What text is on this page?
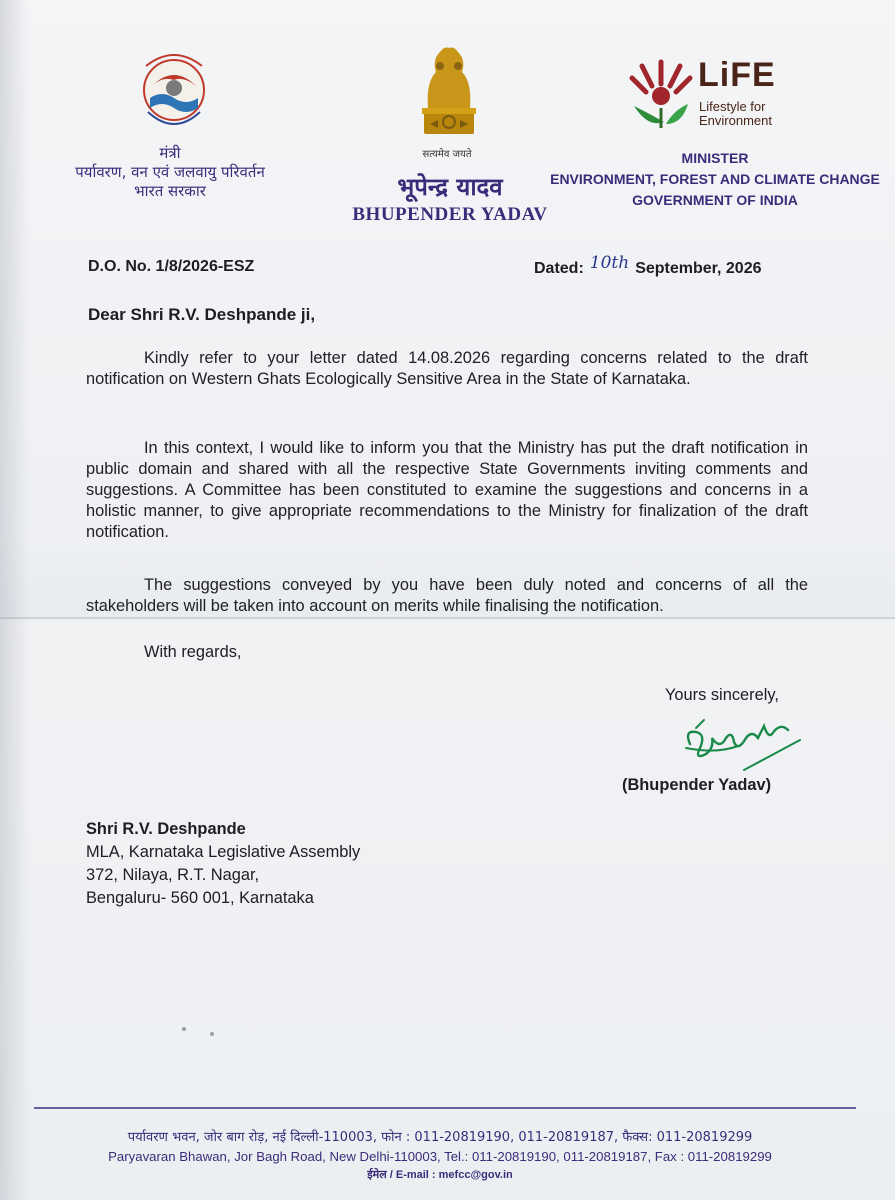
LiFE
Lifestyle for
Environment
मंत्री
पर्यावरण, वन एवं जलवायु परिवर्तन
भारत सरकार
सत्यमेव जयते
भूपेन्द्र यादव
BHUPENDER YADAV
MINISTER
ENVIRONMENT, FOREST AND CLIMATE CHANGE
GOVERNMENT OF INDIA
D.O. No. 1/8/2026-ESZ	Dated: 10th September, 2026
Dear Shri R.V. Deshpande ji,
Kindly refer to your letter dated 14.08.2026 regarding concerns related to the draft notification on Western Ghats Ecologically Sensitive Area in the State of Karnataka.
In this context, I would like to inform you that the Ministry has put the draft notification in public domain and shared with all the respective State Governments inviting comments and suggestions. A Committee has been constituted to examine the suggestions and concerns in a holistic manner, to give appropriate recommendations to the Ministry for finalization of the draft notification.
The suggestions conveyed by you have been duly noted and concerns of all the stakeholders will be taken into account on merits while finalising the notification.
With regards,
Yours sincerely,
(Bhupender Yadav)
Shri R.V. Deshpande
MLA, Karnataka Legislative Assembly
372, Nilaya, R.T. Nagar,
Bengaluru- 560 001, Karnataka
पर्यावरण भवन, जोर बाग रोड़, नई दिल्ली-110003, फोन : 011-20819190, 011-20819187, फैक्स: 011-20819299
Paryavaran Bhawan, Jor Bagh Road, New Delhi-110003, Tel.: 011-20819190, 011-20819187, Fax : 011-20819299
ईमेल / E-mail : mefcc@gov.in
